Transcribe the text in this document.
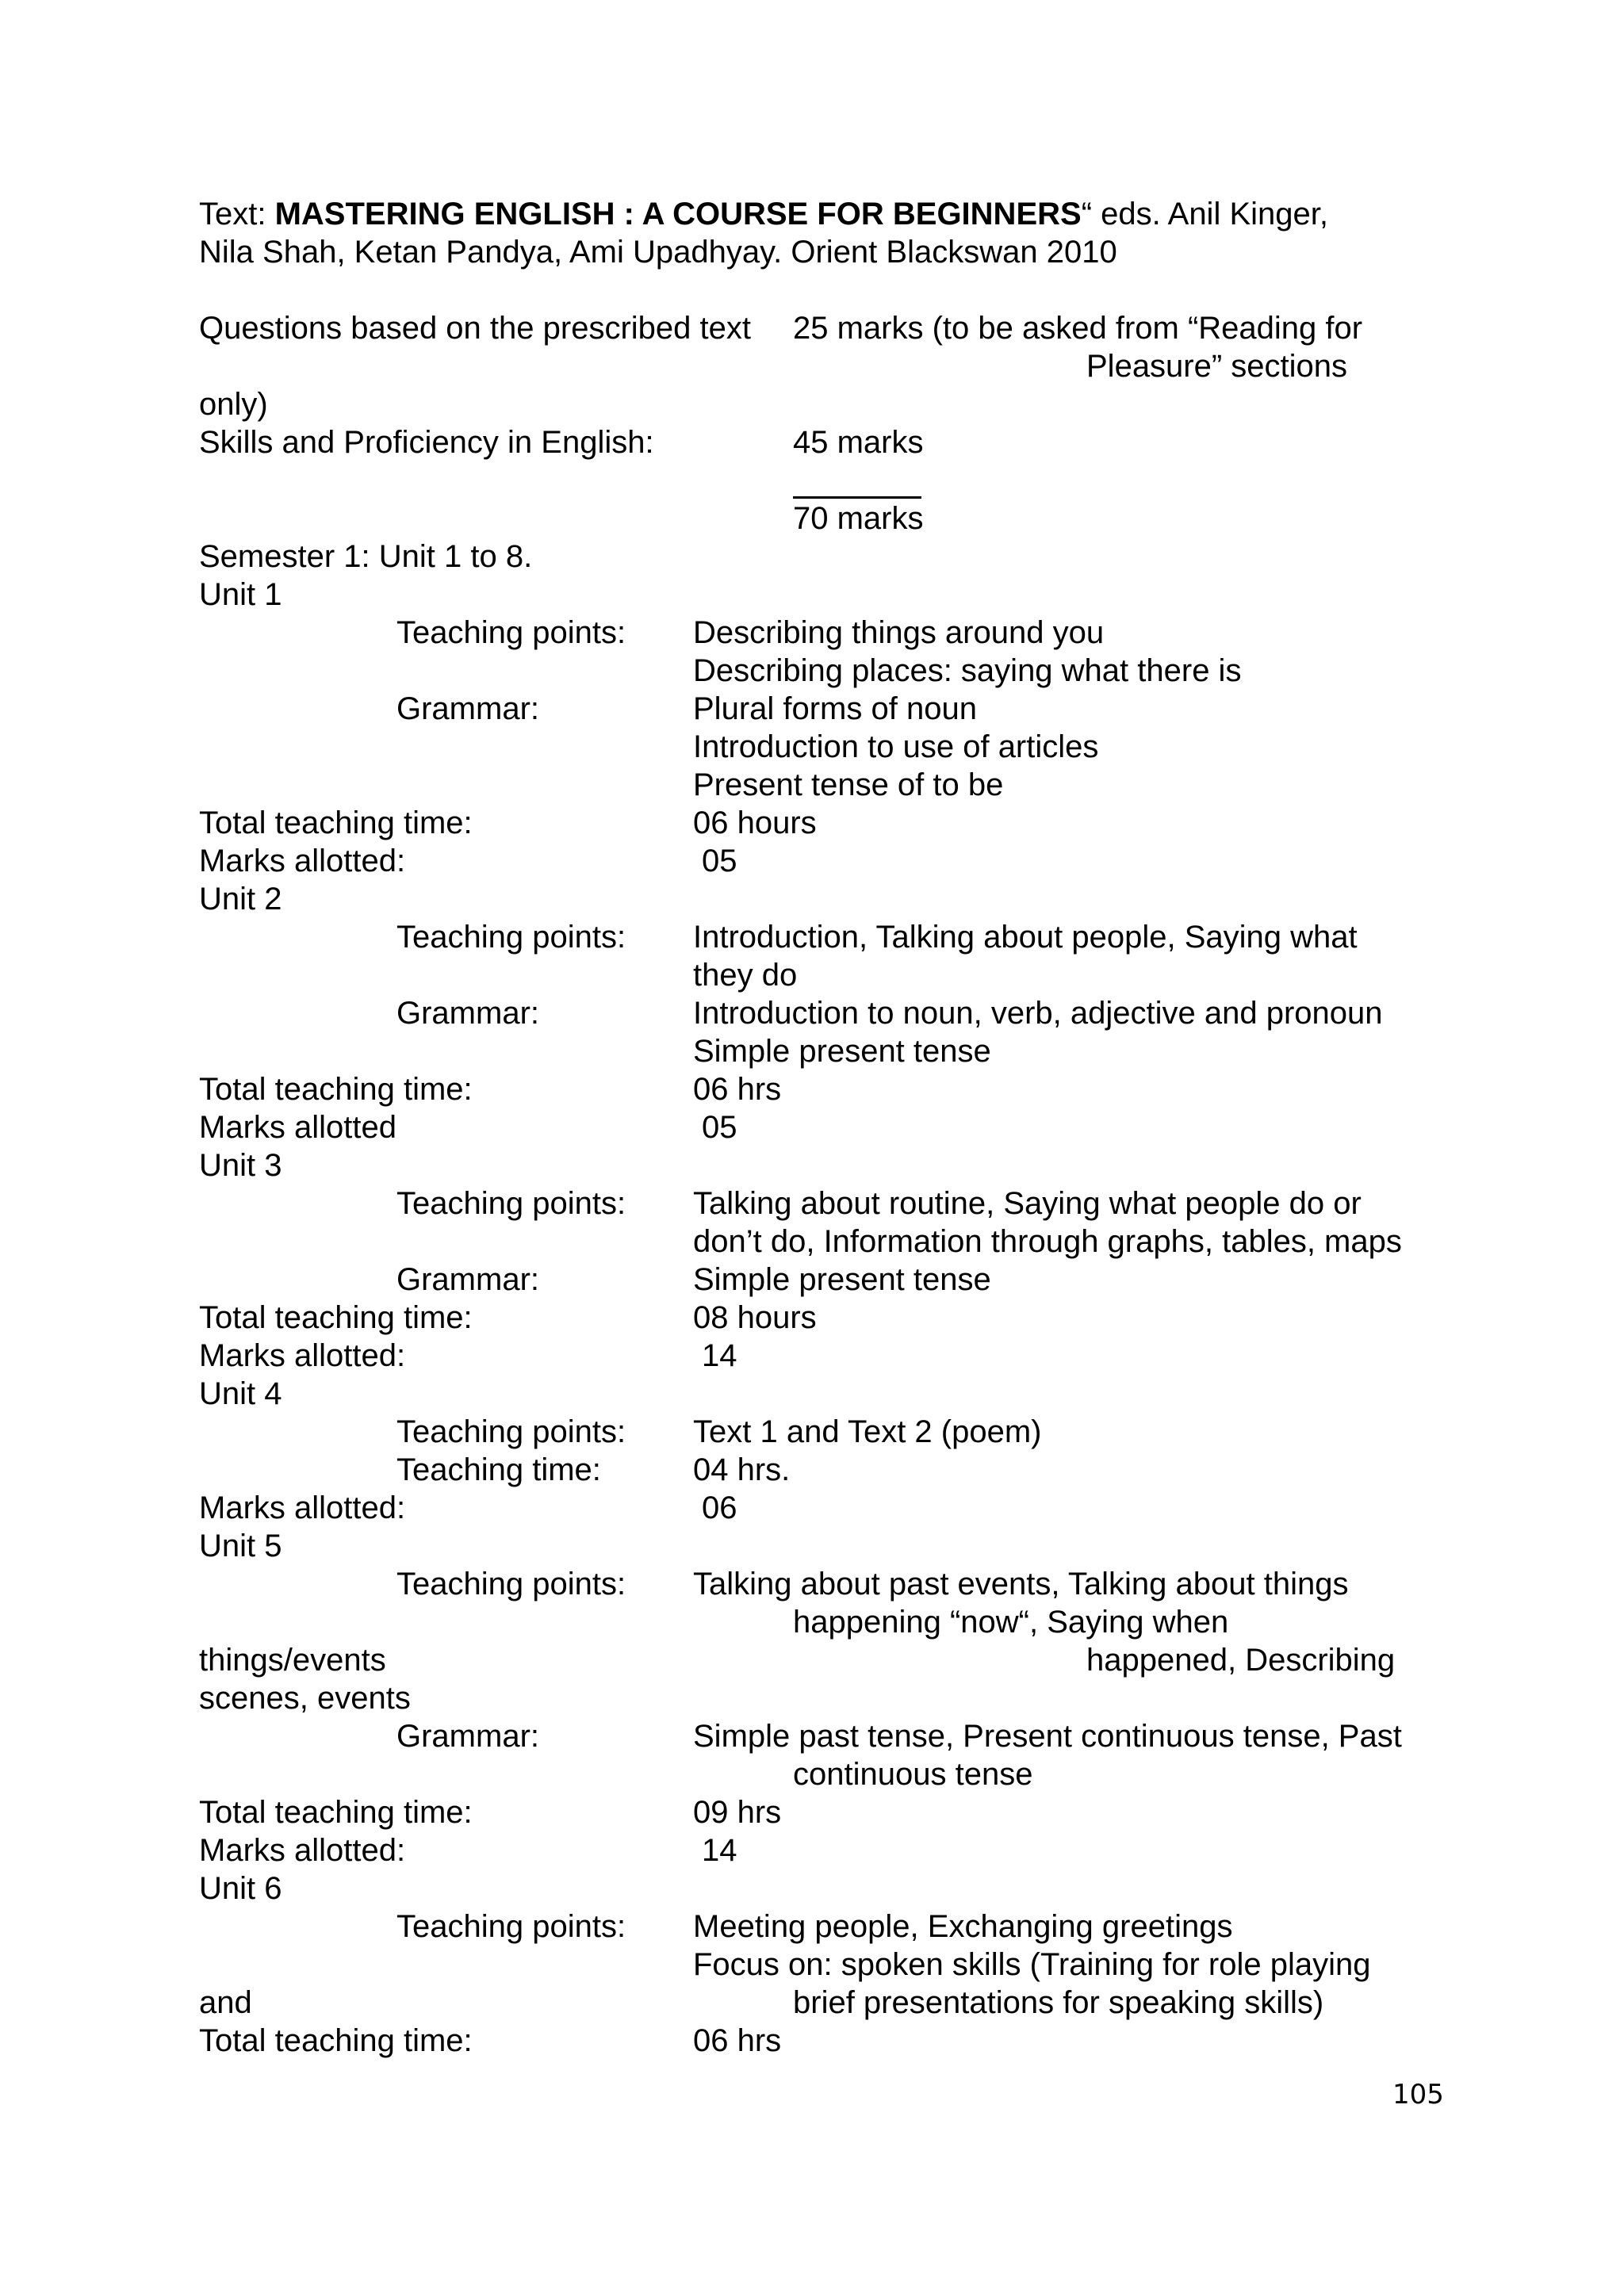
Text: MASTERING ENGLISH : A COURSE FOR BEGINNERS“ eds. Anil Kinger,
Nila Shah, Ketan Pandya, Ami Upadhyay. Orient Blackswan 2010
Questions based on the prescribed text 25 marks (to be asked from “Reading for
Pleasure” sections
only)
Skills and Proficiency in English:	45 marks
70 marks
Semester 1: Unit 1 to 8.
Unit 1
Teaching points: Describing things around you
Describing places: saying what there is
Grammar:	Plural forms of noun
Introduction to use of articles
Present tense of to be
Total teaching time:	06 hours
Marks allotted:	05
Unit 2
Teaching points: Introduction, Talking about people, Saying what
they do
Grammar:	Introduction to noun, verb, adjective and pronoun
Simple present tense
Total teaching time:	06 hrs
Marks allotted	05
Unit 3
Teaching points: Talking about routine, Saying what people do or
don’t do, Information through graphs, tables, maps
Grammar:	Simple present tense
Total teaching time:	08 hours
Marks allotted:	14
Unit 4
Teaching points: Text 1 and Text 2 (poem)
Teaching time:	04 hrs.
Marks allotted:	06
Unit 5
Teaching points: Talking about past events, Talking about things
happening “now“, Saying when
things/events	happened, Describing
scenes, events
Grammar:	Simple past tense, Present continuous tense, Past
continuous tense
Total teaching time:	09 hrs
Marks allotted:	14
Unit 6
Teaching points: Meeting people, Exchanging greetings
Focus on: spoken skills (Training for role playing
and	brief presentations for speaking skills)
Total teaching time:	06 hrs
105
